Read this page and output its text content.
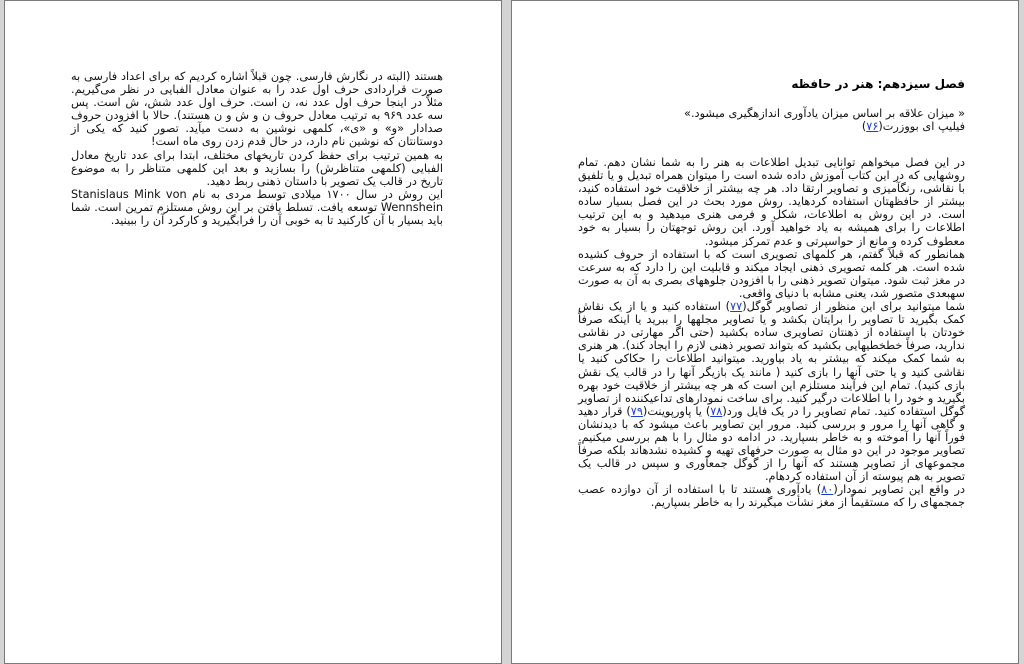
هستند (البته در نگارش فارسی. چون قبلاً اشاره کردیم که برای اعداد فارسی به صورت قراردادی حرف اول عدد را به عنوان معادل الفبایی در نظر می‌گیریم. مثلاً در اینجا حرف اول عدد نه، ن است. حرف اول عدد شش، ش است. پس سه عدد ۹۶۹ به ترتیب معادل حروف ن و ش و ن هستند). حالا با افزودن حروف صدادار «و» و «ی»، کلمهی نوشین به دست میآید. تصور کنید که یکی از دوستانتان که نوشین نام دارد، در حال قدم زدن روی ماه است!

به همین ترتیب برای حفظ کردن تاریخهای مختلف، ابتدا برای عدد تاریخ معادل الفبایی (کلمهی متناظرش) را بسازید و بعد این کلمهی متناظر را به موضوع تاریخ در قالب یک تصویر با داستان ذهنی ربط دهید.

این روش در سال ۱۷۰۰ میلادی توسط مردی به نام Stanislaus Mink von Wennshein توسعه یافت. تسلط یافتن بر این روش مستلزم تمرین است. شما باید بسیار با آن کارکنید تا به خوبی آن را فرابگیرید و کارکرد آن را ببینید.

فصل سیزدهم: هنر در حافظه

« میزان علاقه بر اساس میزان یادآوری اندازهگیری میشود.»

فیلیپ ای بووزرت(۷۶)

در این فصل میخواهم توانایی تبدیل اطلاعات به هنر را به شما نشان دهم. تمام روشهایی که در این کتاب آموزش داده شده است را میتوان همراه تبدیل و یا تلفیق با نقاشی، رنگآمیزی و تصاویر ارتقا داد. هر چه بیشتر از خلاقیت خود استفاده کنید، بیشتر از حافظهتان استفاده کردهاید. روش مورد بحث در این فصل بسیار ساده است. در این روش به اطلاعات، شکل و فرمی هنری میدهید و به این ترتیب اطلاعات را برای همیشه به یاد خواهید آورد. این روش توجهتان را بسیار به خود معطوف کرده و مانع از حواسپرتی و عدم تمرکز میشود.

همانطور که قبلاً گفتم، هر کلمهای تصویری است که با استفاده از حروف کشیده شده است. هر کلمه تصویری ذهنی ایجاد میکند و قابلیت این را دارد که به سرعت در مغز ثبت شود. میتوان تصویر ذهنی را با افزودن جلوههای بصری به آن به صورت سهبعدی متصور شد، یعنی مشابه با دنیای واقعی.

شما میتوانید برای این منظور از تصاویر گوگل(۷۷) استفاده کنید و یا از یک نقاش کمک بگیرید تا تصاویر را برایتان بکشد و یا تصاویر مجلهها را ببرید یا اینکه صرفاً خودتان با استفاده از ذهنتان تصاویری ساده بکشید (حتی اگر مهارتی در نقاشی ندارید، صرفاً خطخطیهایی بکشید که بتواند تصویر ذهنی لازم را ایجاد کند). هر هنری به شما کمک میکند که بیشتر به یاد بیاورید. میتوانید اطلاعات را حکاکی کنید یا نقاشی کنید و یا حتی آنها را بازی کنید ( مانند یک بازیگر آنها را در قالب یک نقش بازی کنید). تمام این فرآیند مستلزم این است که هر چه بیشتر از خلاقیت خود بهره بگیرید و خود را با اطلاعات درگیر کنید. برای ساخت نمودارهای تداعیکننده از تصاویر گوگل استفاده کنید. تمام تصاویر را در یک فایل ورد(۷۸) یا پاورپوینت(۷۹) قرار دهید و گاهی آنها را مرور و بررسی کنید. مرور این تصاویر باعث میشود که با دیدنشان فوراً آنها را آموخته و به خاطر بسپارید. در ادامه دو مثال را با هم بررسی میکنیم. تصاویر موجود در این دو مثال به صورت حرفهای تهیه و کشیده نشدهاند بلکه صرفاً مجموعهای از تصاویر هستند که آنها را از گوگل جمعآوری و سپس در قالب یک تصویر به هم پیوسته از آن استفاده کردهام.

در واقع این تصاویر نمودار(۸۰) یادآوری هستند تا با استفاده از آن دوازده عصب جمجمهای را که مستقیماً از مغز نشأت میگیرند را به خاطر بسپاریم.
